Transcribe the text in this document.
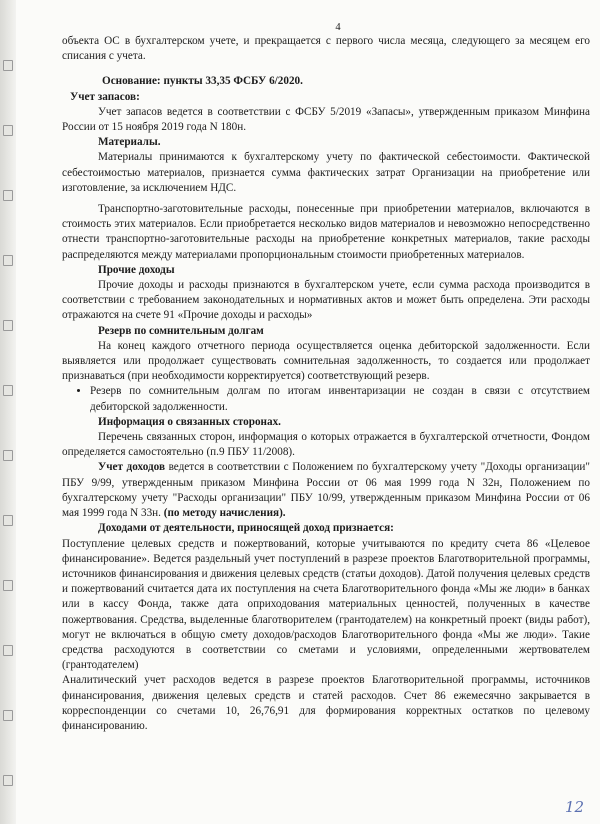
4

объекта ОС в бухгалтерском учете, и прекращается с первого числа месяца, следующего за месяцем его списания с учета.

Основание: пункты 33,35 ФСБУ 6/2020.

Учет запасов:

Учет запасов ведется в соответствии с ФСБУ 5/2019 «Запасы», утвержденным приказом Минфина России от 15 ноября 2019 года N 180н.

Материалы.

Материалы принимаются к бухгалтерскому учету по фактической себестоимости. Фактической себестоимостью материалов, признается сумма фактических затрат Организации на приобретение или изготовление, за исключением НДС.

Транспортно-заготовительные расходы, понесенные при приобретении материалов, включаются в стоимость этих материалов. Если приобретается несколько видов материалов и невозможно непосредственно отнести транспортно-заготовительные расходы на приобретение конкретных материалов, такие расходы распределяются между материалами пропорциональным стоимости приобретенных материалов.

Прочие доходы

Прочие доходы и расходы признаются в бухгалтерском учете, если сумма расхода производится в соответствии с требованием законодательных и нормативных актов и может быть определена. Эти расходы отражаются на счете 91 «Прочие доходы и расходы»

Резерв по сомнительным долгам

На конец каждого отчетного периода осуществляется оценка дебиторской задолженности. Если выявляется или продолжает существовать сомнительная задолженность, то создается или продолжает признаваться (при необходимости корректируется) соответствующий резерв.

• Резерв по сомнительным долгам по итогам инвентаризации не создан в связи с отсутствием дебиторской задолженности.

Информация о связанных сторонах.

Перечень связанных сторон, информация о которых отражается в бухгалтерской отчетности, Фондом определяется самостоятельно (п.9 ПБУ 11/2008).

Учет доходов ведется в соответствии с Положением по бухгалтерскому учету "Доходы организации" ПБУ 9/99, утвержденным приказом Минфина России от 06 мая 1999 года N 32н, Положением по бухгалтерскому учету "Расходы организации" ПБУ 10/99, утвержденным приказом Минфина России от 06 мая 1999 года N 33н. (по методу начисления).

Доходами от деятельности, приносящей доход признается:

Поступление целевых средств и пожертвований, которые учитываются по кредиту счета 86 «Целевое финансирование». Ведется раздельный учет поступлений в разрезе проектов Благотворительной программы, источников финансирования и движения целевых средств (статьи доходов). Датой получения целевых средств и пожертвований считается дата их поступления на счета Благотворительного фонда «Мы же люди» в банках или в кассу Фонда, также дата оприходования материальных ценностей, полученных в качестве пожертвования. Средства, выделенные благотворителем (грантодателем) на конкретный проект (виды работ), могут не включаться в общую смету доходов/расходов Благотворительного фонда «Мы же люди». Такие средства расходуются в соответствии со сметами и условиями, определенными жертвователем (грантодателем)

Аналитический учет расходов ведется в разрезе проектов Благотворительной программы, источников финансирования, движения целевых средств и статей расходов. Счет 86 ежемесячно закрывается в корреспонденции со счетами 10, 26,76,91 для формирования корректных остатков по целевому финансированию.

12
